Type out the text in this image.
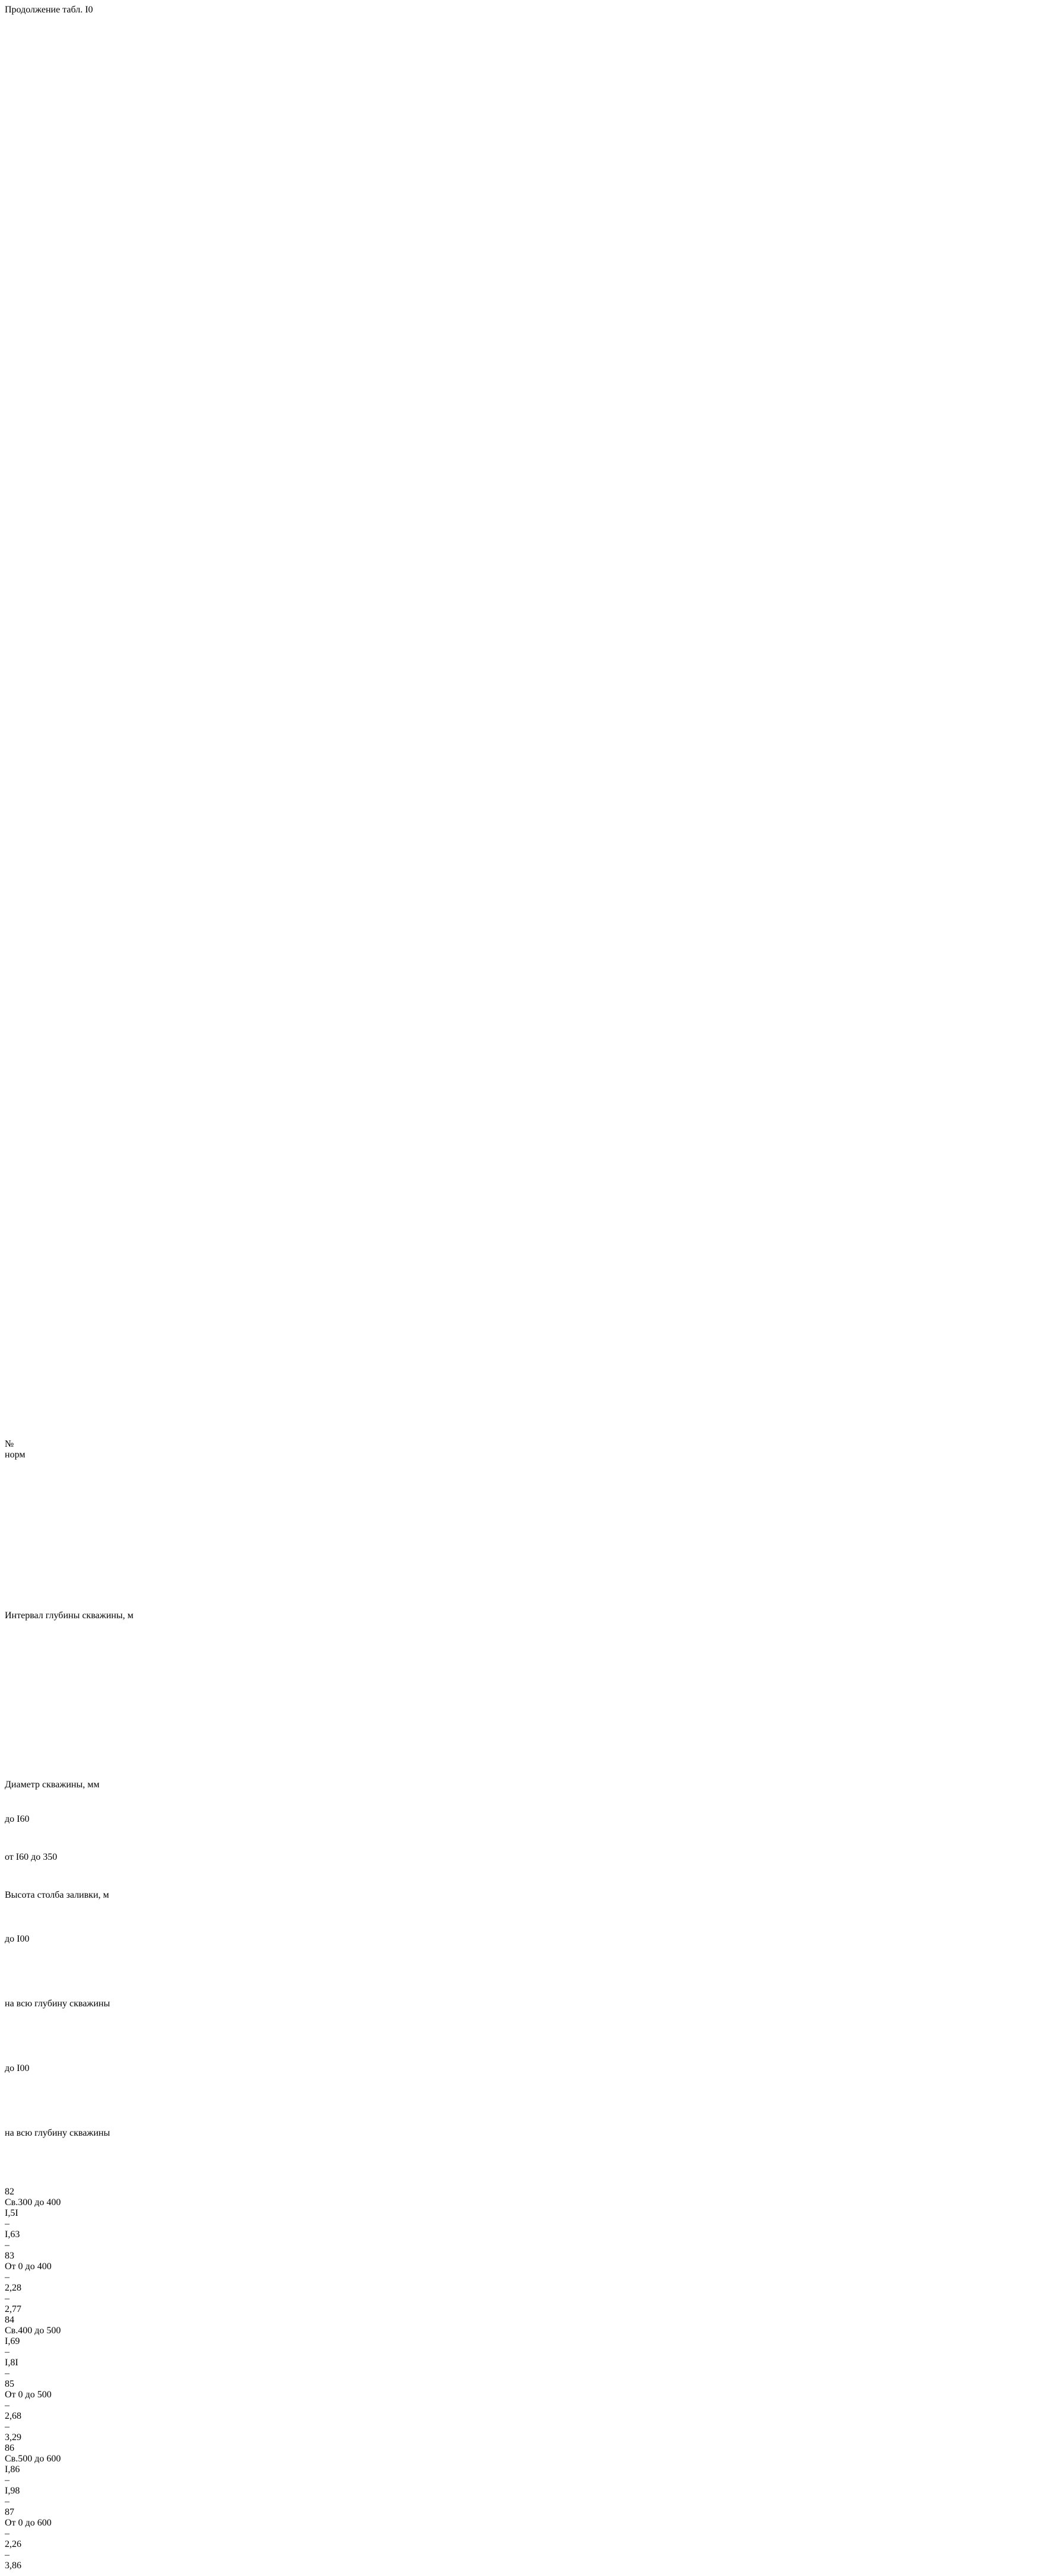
Продолжение табл. I0
№ норм
Интервал глубины скважины, м
Диаметр скважины, мм
до I60
от I60 до 350
Высота столба заливки, м
до I00
на всю глубину скважины
до I00
на всю глубину скважины
82
Св.300 до 400
I,5I
–
I,63
–
83
От 0 до 400
–
2,28
–
2,77
84
Св.400 до 500
I,69
–
I,8I
–
85
От 0 до 500
–
2,68
–
3,29
86
Св.500 до 600
I,86
–
I,98
–
87
От 0 до 600
–
2,26
–
3,86
